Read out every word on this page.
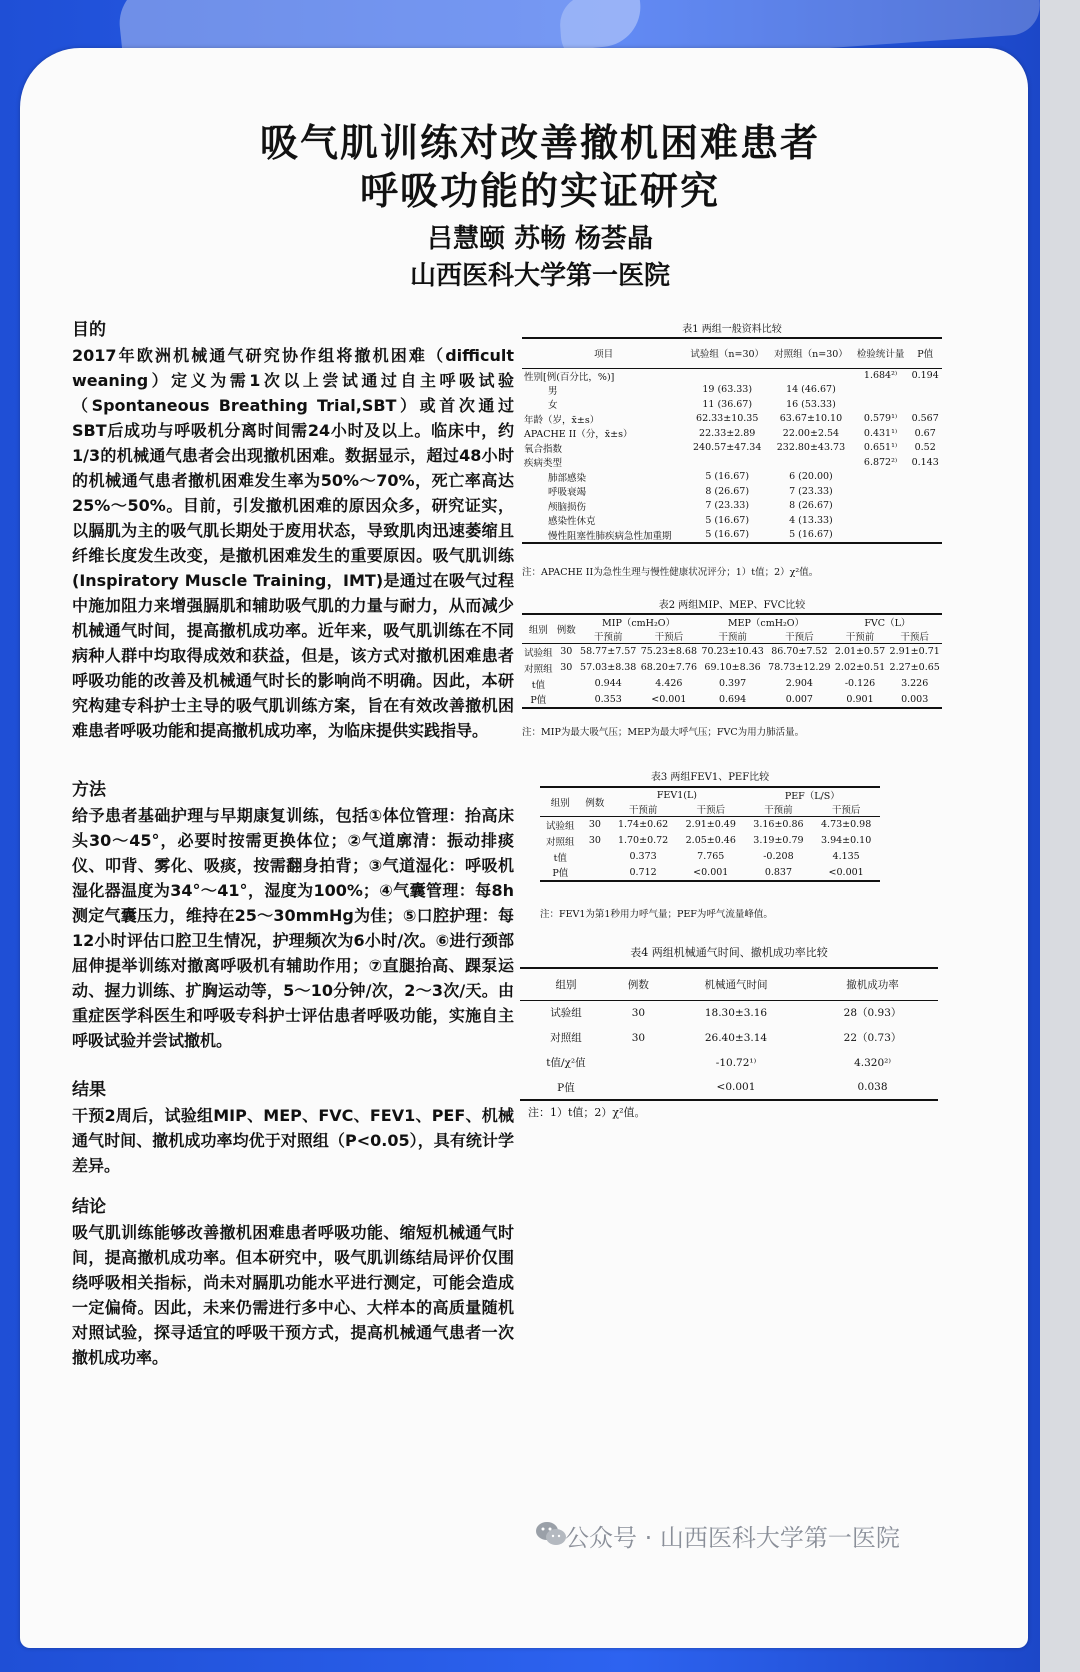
吸气肌训练对改善撤机困难患者
呼吸功能的实证研究
吕慧颐 苏畅 杨荟晶
山西医科大学第一医院
目的

2017年欧洲机械通气研究协作组将撤机困难（difficult weaning）定义为需1次以上尝试通过自主呼吸试验（Spontaneous Breathing Trial,SBT）或首次通过SBT后成功与呼吸机分离时间需24小时及以上。临床中，约1/3的机械通气患者会出现撤机困难。数据显示，超过48小时的机械通气患者撤机困难发生率为50%～70%，死亡率高达25%～50%。目前，引发撤机困难的原因众多，研究证实，以膈肌为主的吸气肌长期处于废用状态，导致肌肉迅速萎缩且纤维长度发生改变，是撤机困难发生的重要原因。吸气肌训练(Inspiratory Muscle Training，IMT)是通过在吸气过程中施加阻力来增强膈肌和辅助吸气肌的力量与耐力，从而减少机械通气时间，提高撤机成功率。近年来，吸气肌训练在不同病种人群中均取得成效和获益，但是，该方式对撤机困难患者呼吸功能的改善及机械通气时长的影响尚不明确。因此，本研究构建专科护士主导的吸气肌训练方案，旨在有效改善撤机困难患者呼吸功能和提高撤机成功率，为临床提供实践指导。

方法

给予患者基础护理与早期康复训练，包括①体位管理：抬高床头30～45°，必要时按需更换体位；②气道廓清：振动排痰仪、叩背、雾化、吸痰，按需翻身拍背；③气道湿化：呼吸机湿化器温度为34°～41°，湿度为100%；④气囊管理：每8h测定气囊压力，维持在25～30mmHg为佳；⑤口腔护理：每12小时评估口腔卫生情况，护理频次为6小时/次。⑥进行颈部屈伸提举训练对撤离呼吸机有辅助作用；⑦直腿抬高、踝泵运动、握力训练、扩胸运动等，5～10分钟/次，2～3次/天。由重症医学科医生和呼吸专科护士评估患者呼吸功能，实施自主呼吸试验并尝试撤机。

结果

干预2周后，试验组MIP、MEP、FVC、FEV1、PEF、机械通气时间、撤机成功率均优于对照组（P<0.05），具有统计学差异。

结论

吸气肌训练能够改善撤机困难患者呼吸功能、缩短机械通气时间，提高撤机成功率。但本研究中，吸气肌训练结局评价仅围绕呼吸相关指标，尚未对膈肌功能水平进行测定，可能会造成一定偏倚。因此，未来仍需进行多中心、大样本的高质量随机对照试验，探寻适宜的呼吸干预方式，提高机械通气患者一次撤机成功率。

表1 两组一般资料比较
项目	试验组（n=30）	对照组（n=30）	检验统计量	P值
性别[例(百分比，%)]			1.684²⁾	0.194
男	19 (63.33)	14 (46.67)		
女	11 (36.67)	16 (53.33)		
年龄（岁，x̄±s）	62.33±10.35	63.67±10.10	0.579¹⁾	0.567
APACHE II（分，x̄±s）	22.33±2.89	22.00±2.54	0.431¹⁾	0.67
氧合指数	240.57±47.34	232.80±43.73	0.651¹⁾	0.52
疾病类型			6.872²⁾	0.143
肺部感染	5 (16.67)	6 (20.00)		
呼吸衰竭	8 (26.67)	7 (23.33)		
颅脑损伤	7 (23.33)	8 (26.67)		
感染性休克	5 (16.67)	4 (13.33)		
慢性阻塞性肺疾病急性加重期	5 (16.67)	5 (16.67)		
注：APACHE II为急性生理与慢性健康状况评分；1）t值；2）χ²值。
表2 两组MIP、MEP、FVC比较
组别	例数	MIP（cmH₂O）		MEP（cmH₂O）		FVC（L）	
		干预前	干预后	干预前	干预后	干预前	干预后
试验组	30	58.77±7.57	75.23±8.68	70.23±10.43	86.70±7.52	2.01±0.57	2.91±0.71
对照组	30	57.03±8.38	68.20±7.76	69.10±8.36	78.73±12.29	2.02±0.51	2.27±0.65
t值		0.944	4.426	0.397	2.904	-0.126	3.226
P值		0.353	<0.001	0.694	0.007	0.901	0.003
注：MIP为最大吸气压；MEP为最大呼气压；FVC为用力肺活量。
表3 两组FEV1、PEF比较
组别	例数	FEV1(L)		PEF（L/S）	
		干预前	干预后	干预前	干预后
试验组	30	1.74±0.62	2.91±0.49	3.16±0.86	4.73±0.98
对照组	30	1.70±0.72	2.05±0.46	3.19±0.79	3.94±0.10
t值		0.373	7.765	-0.208	4.135
P值		0.712	<0.001	0.837	<0.001
注：FEV1为第1秒用力呼气量；PEF为呼气流量峰值。
表4 两组机械通气时间、撤机成功率比较
组别	例数	机械通气时间	撤机成功率
试验组	30	18.30±3.16	28（0.93）
对照组	30	26.40±3.14	22（0.73）
t值/χ²值		-10.72¹⁾	4.320²⁾
P值		<0.001	0.038
注：1）t值；2）χ²值。
公众号 · 山西医科大学第一医院
